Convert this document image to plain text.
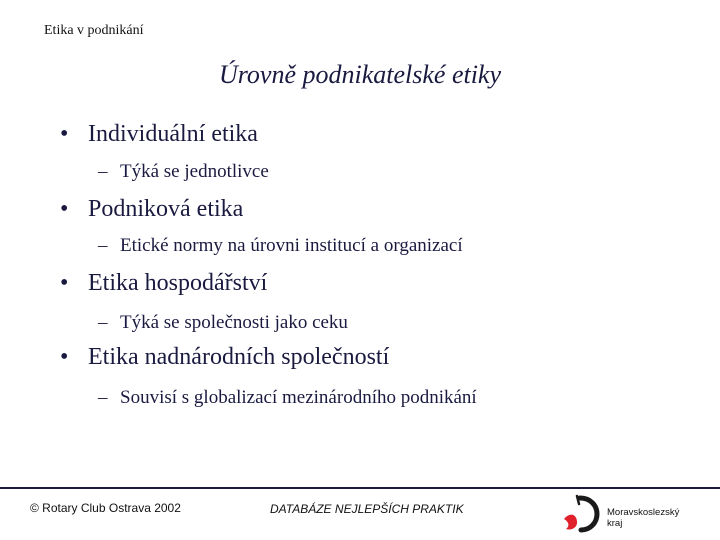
Etika v podnikání
Úrovně podnikatelské etiky
• Individuální etika
– Týká se jednotlivce
• Podniková etika
– Etické normy na úrovni institucí a organizací
• Etika hospodářství
– Týká se společnosti jako ceku
• Etika nadnárodních společností
– Souvisí s globalizací mezinárodního podnikání
© Rotary Club Ostrava 2002	DATABÁZE NEJLEPŠÍCH PRAKTIK	Moravskoslezský
kraj
